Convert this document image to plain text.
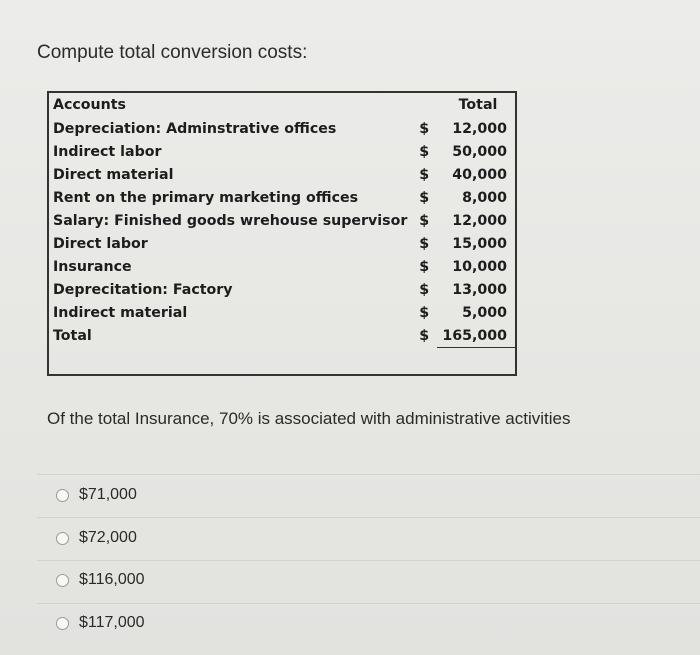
Compute total conversion costs:
Accounts		Total
Depreciation: Adminstrative offices	$	12,000
Indirect labor	$	50,000
Direct material	$	40,000
Rent on the primary marketing offices	$	8,000
Salary: Finished goods wrehouse supervisor	$	12,000
Direct labor	$	15,000
Insurance	$	10,000
Deprecitation: Factory	$	13,000
Indirect material	$	5,000
Total	$	165,000

Of the total Insurance, 70% is associated with administrative activities
$71,000
$72,000
$116,000
$117,000
